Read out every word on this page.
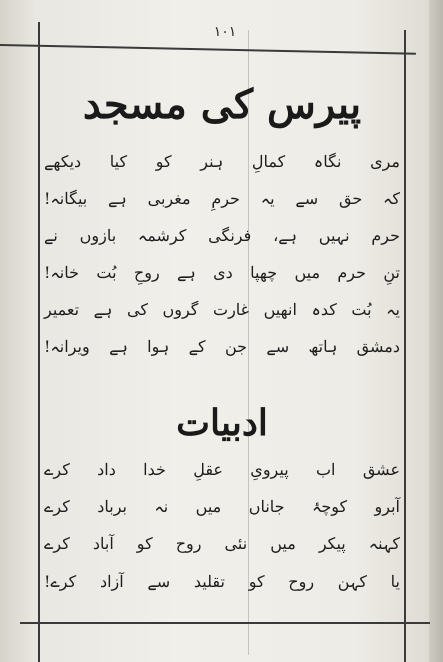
۱۰۱
پیرس کی مسجد
مری نگاہ کمالِ ہنر کو کیا دیکھے
کہ حق سے یہ حرمِ مغربی ہے بیگانہ!
حرم نہیں ہے، فرنگی کرشمہ بازوں نے
تنِ حرم میں چھپا دی ہے روحِ بُت خانہ!
یہ بُت کدہ انھیں غارت گروں کی ہے تعمیر
دمشق ہاتھ سے جن کے ہوا ہے ویرانہ!
ادبیات
عشق اب پیرویِ عقلِ خدا داد کرے
آبرو کوچۂ جاناں میں نہ برباد کرے
کہنہ پیکر میں نئی روح کو آباد کرے
یا کہن روح کو تقلید سے آزاد کرے!
